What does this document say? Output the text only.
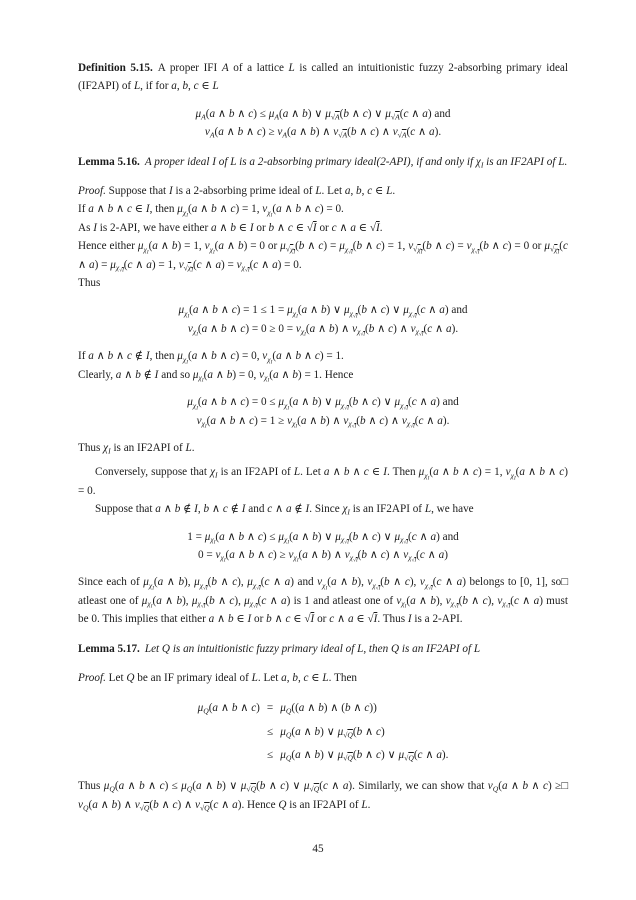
Definition 5.15. A proper IFI A of a lattice L is called an intuitionistic fuzzy 2-absorbing primary ideal (IF2API) of L, if for a, b, c ∈ L

$\mu_A(a$ ∧ b ∧ $c) \le \mu_A(a$ ∧ b) ∨ $\mu_{√A}(b$ ∧ c) ∨ $\mu_{√A}(c$ ∧ a) and
$\nu_A(a$ ∧ b ∧ $c) \ge \nu_A(a$ ∧ b) ∧ $\nu_{√A}(b$ ∧ c) ∧ $\nu_{√A}(c$ ∧ a).

Lemma 5.16. A proper ideal I of L is a 2-absorbing primary ideal(2-API), if and only if $\chi_I$ is an IF2API of L.

Proof. Suppose that I is a 2-absorbing prime ideal of L. Let a, b, c ∈ L.
If a ∧ b ∧ c ∈ I, then $\mu_{\chi_I}(a$ ∧ b ∧ c) = 1, $\nu_{\chi_I}(a$ ∧ b ∧ c) = 0.
As I is 2-API, we have either a ∧ b ∈ I or b ∧ c ∈ √I or c ∧ a ∈ √I.
Hence either $\mu_{\chi_I}(a$ ∧ b) = 1, $\nu_{\chi_I}(a$ ∧ b) = 0 or $\mu_{√\chi_I}(b$ ∧ $c) = \mu_{\chi_{√I}}(b$ ∧ c) = 1, $\nu_{√\chi_I}(b$ ∧ $c) = \nu_{\chi_{√I}}(b$ ∧ c) = 0 or $\mu_{√\chi_I}(c$ ∧ $a) = \mu_{\chi_{√I}}(c$ ∧ a) = 1, $\nu_{√\chi_I}(c$ ∧ $a) = \nu_{\chi_{√I}}(c$ ∧ a) = 0.
Thus
$\mu_{\chi_I}(a$ ∧ b ∧ $c) = 1 \le 1 = \mu_{\chi_I}(a$ ∧ b) ∨ $\mu_{\chi_{√I}}(b$ ∧ c) ∨ $\mu_{\chi_{√I}}(c$ ∧ a) and
$\nu_{\chi_I}(a$ ∧ b ∧ $c) = 0 \ge 0 = \nu_{\chi_I}(a$ ∧ b) ∧ $\nu_{\chi_{√I}}(b$ ∧ c) ∧ $\nu_{\chi_{√I}}(c$ ∧ a).
If a ∧ b ∧ c ∉ I, then $\mu_{\chi_I}(a$ ∧ b ∧ c) = 0, $\nu_{\chi_I}(a$ ∧ b ∧ c) = 1.
Clearly, a ∧ b ∉ I and so $\mu_{\chi_I}(a$ ∧ b) = 0, $\nu_{\chi_I}(a$ ∧ b) = 1. Hence
$\mu_{\chi_I}(a$ ∧ b ∧ $c) = 0 \le \mu_{\chi_I}(a$ ∧ b) ∨ $\mu_{\chi_{√I}}(b$ ∧ c) ∨ $\mu_{\chi_{√I}}(c$ ∧ a) and
$\nu_{\chi_I}(a$ ∧ b ∧ $c) = 1 \ge \nu_{\chi_I}(a$ ∧ b) ∧ $\nu_{\chi_{√I}}(b$ ∧ c) ∧ $\nu_{\chi_{√I}}(c$ ∧ a).
Thus $\chi_I$ is an IF2API of L.

Conversely, suppose that $\chi_I$ is an IF2API of L. Let a ∧ b ∧ c ∈ I. Then $\mu_{\chi_I}(a$ ∧ b ∧ c) = 1, $\nu_{\chi_I}(a$ ∧ b ∧ c) = 0.

Suppose that a ∧ b ∉ I, b ∧ c ∉ I and c ∧ a ∉ I. Since $\chi_I$ is an IF2API of L, we have

$1 = \mu_{\chi_I}(a$ ∧ b ∧ $c) \le \mu_{\chi_I}(a$ ∧ b) ∨ $\mu_{\chi_{√I}}(b$ ∧ c) ∨ $\mu_{\chi_{√I}}(c$ ∧ a) and
$0 = \nu_{\chi_I}(a$ ∧ b ∧ $c) \ge \nu_{\chi_I}(a$ ∧ b) ∧ $\nu_{\chi_{√I}}(b$ ∧ c) ∧ $\nu_{\chi_{√I}}(c$ ∧ a)

□
Since each of $\mu_{\chi_I}(a$ ∧ b), $\mu_{\chi_{√I}}(b$ ∧ c), $\mu_{\chi_{√I}}(c$ ∧ a) and $\nu_{\chi_I}(a$ ∧ b), $\nu_{\chi_{√I}}(b$ ∧ c), $\nu_{\chi_{√I}}(c$ ∧ a) belongs to [0, 1], so atleast one of $\mu_{\chi_I}(a$ ∧ b), $\mu_{\chi_{√I}}(b$ ∧ c), $\mu_{\chi_{√I}}(c$ ∧ a) is 1 and atleast one of $\nu_{\chi_I}(a$ ∧ b), $\nu_{\chi_{√I}}(b$ ∧ c), $\nu_{\chi_{√I}}(c$ ∧ a) must be 0. This implies that either a ∧ b ∈ I or b ∧ c ∈ √I or c ∧ a ∈ √I. Thus I is a 2-API.

Lemma 5.17. Let Q is an intuitionistic fuzzy primary ideal of L, then Q is an IF2API of L

Proof. Let Q be an IF primary ideal of L. Let a, b, c ∈ L. Then
$\mu_Q(a$ ∧ b ∧ c)	=	$\mu_Q((a$ ∧ b) ∧ (b ∧ c))
	≤	$\mu_Q(a$ ∧ b) ∨ $\mu_{√Q}(b$ ∧ c)
	≤	$\mu_Q(a$ ∧ b) ∨ $\mu_{√Q}(b$ ∧ c) ∨ $\mu_{√Q}(c$ ∧ a).

□
Thus $\mu_Q(a$ ∧ b ∧ $c) \le \mu_Q(a$ ∧ b) ∨ $\mu_{√Q}(b$ ∧ c) ∨ $\mu_{√Q}(c$ ∧ a). Similarly, we can show that $\nu_Q(a$ ∧ b ∧ $c) \ge \nu_Q(a$ ∧ b) ∧ $\nu_{√Q}(b$ ∧ c) ∧ $\nu_{√Q}(c$ ∧ a). Hence Q is an IF2API of L.

45
